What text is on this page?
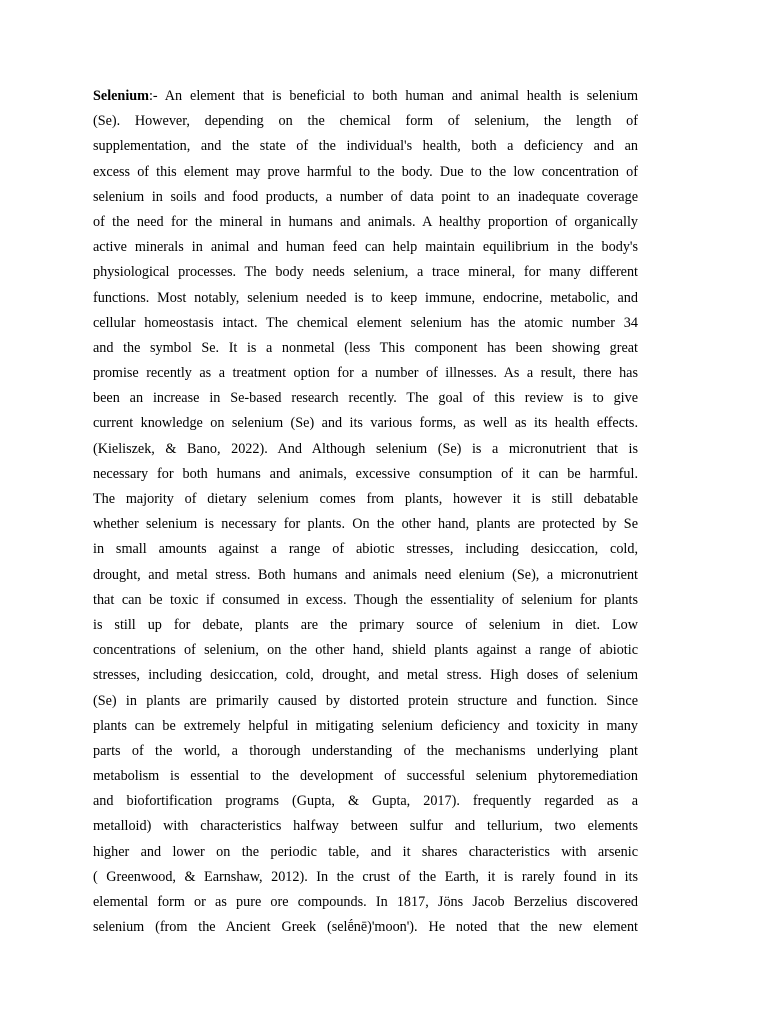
Selenium:- An element that is beneficial to both human and animal health is selenium
(Se). However, depending on the chemical form of selenium, the length of
supplementation, and the state of the individual's health, both a deficiency and an
excess of this element may prove harmful to the body. Due to the low concentration of
selenium in soils and food products, a number of data point to an inadequate coverage
of the need for the mineral in humans and animals. A healthy proportion of organically
active minerals in animal and human feed can help maintain equilibrium in the body's
physiological processes. The body needs selenium, a trace mineral, for many different
functions. Most notably, selenium needed is to keep immune, endocrine, metabolic, and
cellular homeostasis intact. The chemical element selenium has the atomic number 34
and the symbol Se. It is a nonmetal (less This component has been showing great
promise recently as a treatment option for a number of illnesses. As a result, there has
been an increase in Se-based research recently. The goal of this review is to give
current knowledge on selenium (Se) and its various forms, as well as its health effects.
(Kieliszek, & Bano, 2022). And Although selenium (Se) is a micronutrient that is
necessary for both humans and animals, excessive consumption of it can be harmful.
The majority of dietary selenium comes from plants, however it is still debatable
whether selenium is necessary for plants. On the other hand, plants are protected by Se
in small amounts against a range of abiotic stresses, including desiccation, cold,
drought, and metal stress. Both humans and animals need elenium (Se), a micronutrient
that can be toxic if consumed in excess. Though the essentiality of selenium for plants
is still up for debate, plants are the primary source of selenium in diet. Low
concentrations of selenium, on the other hand, shield plants against a range of abiotic
stresses, including desiccation, cold, drought, and metal stress. High doses of selenium
(Se) in plants are primarily caused by distorted protein structure and function. Since
plants can be extremely helpful in mitigating selenium deficiency and toxicity in many
parts of the world, a thorough understanding of the mechanisms underlying plant
metabolism is essential to the development of successful selenium phytoremediation
and biofortification programs (Gupta, & Gupta, 2017). frequently regarded as a
metalloid) with characteristics halfway between sulfur and tellurium, two elements
higher and lower on the periodic table, and it shares characteristics with arsenic
( Greenwood, & Earnshaw, 2012). In the crust of the Earth, it is rarely found in its
elemental form or as pure ore compounds. In 1817, Jöns Jacob Berzelius discovered
selenium (from the Ancient Greek (selḗnē)'moon'). He noted that the new element
